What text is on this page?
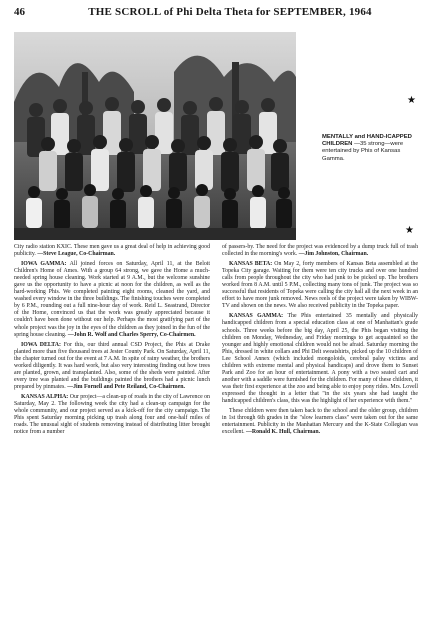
46	THE SCROLL of Phi Delta Theta for SEPTEMBER, 1964
★
★
MENTALLY and HAND-ICAPPED CHILDREN —35 strong—were entertained by Phis of Kansas Gamma.

City radio station KXIC. These men gave us a great deal of help in achieving good publicity. —Steve League, Co-Chairman.

IOWA GAMMA: All joined forces on Saturday, April 11, at the Beloit Children's Home of Ames. With a group 64 strong, we gave the Home a much-needed spring house cleaning. Work started at 9 A.M., but the welcome sunshine gave us the opportunity to have a picnic at noon for the children, as well as the hard-working Phis. We completed painting eight rooms, cleaned the yard, and washed every window in the three buildings. The finishing touches were completed by 6 P.M., rounding out a full nine-hour day of work. Reid L. Seastrand, Director of the Home, convinced us that the work was greatly appreciated because it couldn't have been done without our help. Perhaps the most gratifying part of the whole project was the joy in the eyes of the children as they joined in the fun of the spring house cleaning. —John R. Wolf and Charles Sperry, Co-Chairmen.

IOWA DELTA: For this, our third annual CSD Project, the Phis at Drake planted more than five thousand trees at Jester County Park. On Saturday, April 11, the chapter turned out for the event at 7 A.M. In spite of rainy weather, the brothers worked diligently. It was hard work, but also very interesting finding out how trees are planted, grown, and transplanted. Also, some of the sheds were painted. After every tree was planted and the buildings painted the brothers had a picnic lunch prepared by pinmates. —Jim Fornell and Pete Reiland, Co-Chairmen.

KANSAS ALPHA: Our project—a clean-up of roads in the city of Lawrence on Saturday, May 2. The following week the city had a clean-up campaign for the whole community, and our project served as a kick-off for the city campaign. The Phis spent Saturday morning picking up trash along four and one-half miles of roads. The unusual sight of students removing instead of distributing litter brought notice from a number

of passers-by. The need for the project was evidenced by a dump truck full of trash collected in the morning's work. —Jim Johnston, Chairman.

KANSAS BETA: On May 2, forty members of Kansas Beta assembled at the Topeka City garage. Waiting for them were ten city trucks and over one hundred calls from people throughout the city who had junk to be picked up. The brothers worked from 8 A.M. until 5 P.M., collecting many tons of junk. The project was so successful that residents of Topeka were calling the city hall all the next week in an effort to have more junk removed. News reels of the project were taken by WIBW-TV and shown on the news. We also received publicity in the Topeka paper.

KANSAS GAMMA: The Phis entertained 35 mentally and physically handicapped children from a special education class at one of Manhattan's grade schools. Three weeks before the big day, April 25, the Phis began visiting the children on Monday, Wednesday, and Friday mornings to get acquainted so the younger and highly emotional children would not be afraid. Saturday morning the Phis, dressed in white collars and Phi Delt sweatshirts, picked up the 10 children of Lee School Annex (which included mongoloids, cerebral palsy victims and children with extreme mental and physical handicaps) and drove them to Sunset Park and Zoo for an hour of entertainment. A pony with a two seated cart and another with a saddle were furnished for the children. For many of these children, it was their first experience at the zoo and being able to enjoy pony rides. Mrs. Lovell expressed the thought in a letter that "in the six years she had taught the handicapped children's class, this was the highlight of her experience with them."

These children were then taken back to the school and the older group, children in 1st through 6th grades in the "slow learners class" were taken out for the same entertainment. Publicity in the Manhattan Mercury and the K-State Collegian was excellent. —Ronald K. Hull, Chairman.
